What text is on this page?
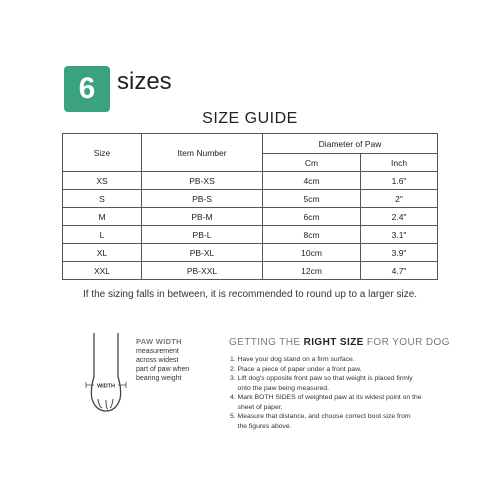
6 sizes
SIZE GUIDE
Size	Item Number	Diameter of Paw	
		Cm	Inch
XS	PB-XS	4cm	1.6"
S	PB-S	5cm	2"
M	PB-M	6cm	2.4"
L	PB-L	8cm	3.1"
XL	PB-XL	10cm	3.9"
XXL	PB-XXL	12cm	4.7"
If the sizing falls in between, it is recommended to round up to a larger size.
WIDTH
PAW WIDTH
measurement
across widest
part of paw when
bearing weight
GETTING THE RIGHT SIZE FOR YOUR DOG
1. Have your dog stand on a firm surface.
2. Place a piece of paper under a front paw.
3. Lift dog's opposite front paw so that weight is placed firmly
onto the paw being measured.
4. Mark BOTH SIDES of weighted paw at its widest point on the
sheet of paper.
5. Measure that distance, and choose correct boot size from
the figures above.
